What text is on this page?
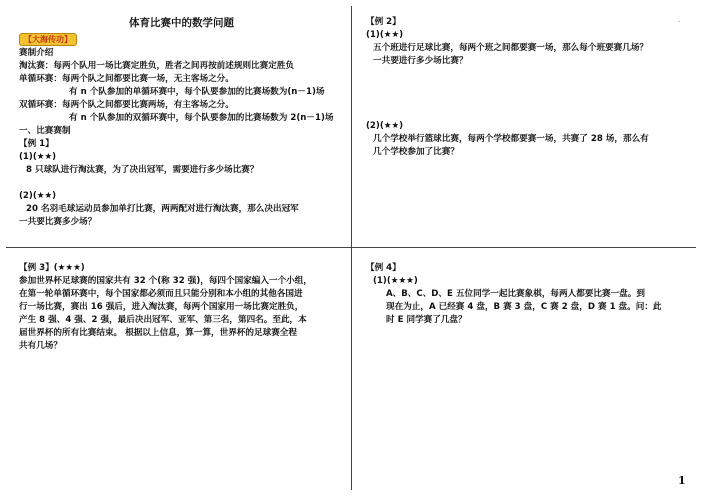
·

体育比赛中的数学问题

【大海传功】

赛制介绍

淘汰赛：每两个队用一场比赛定胜负，胜者之间再按前述规则比赛定胜负

单循环赛：每两个队之间都要比赛一场，无主客场之分。

有 n 个队参加的单循环赛中，每个队要参加的比赛场数为(n－1)场

双循环赛：每两个队之间都要比赛两场，有主客场之分。

有 n 个队参加的双循环赛中，每个队要参加的比赛场数为 2(n－1)场

一、比赛赛制

【例 1】

(1)(★★)

8 只球队进行淘汰赛，为了决出冠军，需要进行多少场比赛？

(2)(★★)

20 名羽毛球运动员参加单打比赛，两两配对进行淘汰赛，那么决出冠军

一共要比赛多少场？

【例 2】

(1)(★★)

五个班进行足球比赛，每两个班之间都要赛一场，那么每个班要赛几场？

一共要进行多少场比赛？

(2)(★★)

几个学校举行篮球比赛，每两个学校都要赛一场，共赛了 28 场，那么有

几个学校参加了比赛？

【例 3】(★★★)

参加世界杯足球赛的国家共有 32 个(称 32 强)，每四个国家编入一个小组，

在第一轮单循环赛中，每个国家都必须而且只能分别和本小组的其他各国进

行一场比赛，赛出 16 强后，进入淘汰赛，每两个国家用一场比赛定胜负，

产生 8 强、4 强、2 强，最后决出冠军、亚军、第三名，第四名。至此，本

届世界杯的所有比赛结束。 根据以上信息，算一算，世界杯的足球赛全程

共有几场？

【例 4】

(1)(★★★)

A、B、C、D、E 五位同学一起比赛象棋，每两人都要比赛一盘。到

现在为止，A 已经赛 4 盘，B 赛 3 盘，C 赛 2 盘，D 赛 1 盘。问：此

时 E 同学赛了几盘？

1
